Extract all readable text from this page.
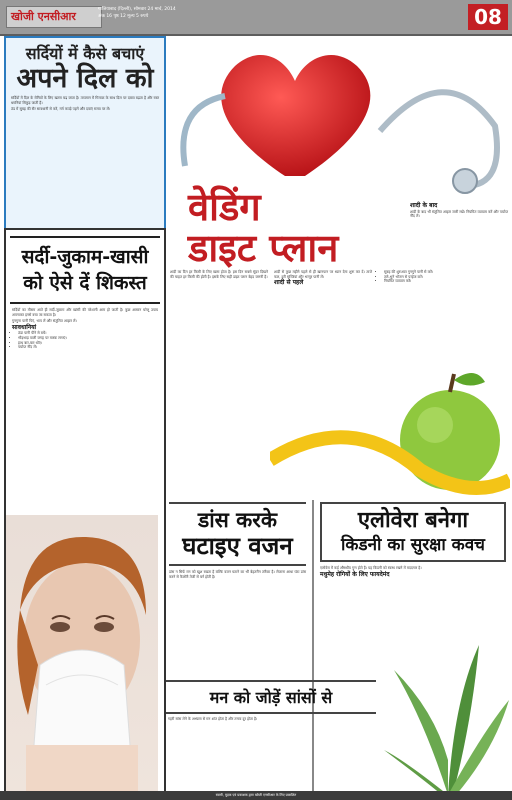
खोजी एनसीआर
गाजियाबाद (दिल्ली), सोमवार 24 मार्च, 2014
अंक 16 पृष्ठ 12 मूल्य 5 रुपये	08
सर्दियों में कैसे बचाएं
अपने दिल को

सर्दियों में दिल के रोगियों के लिए खतरा बढ़ जाता है। तापमान में गिरावट के साथ दिल पर दबाव बढ़ता है और रक्त धमनियां सिकुड़ जाती हैं।

ठंड में सुबह की सैर सावधानी से करें, गर्म कपड़े पहनें और दवाएं समय पर लें।

सर्दी-जुकाम-खासी को ऐसे दें शिकस्त

सर्दियों का मौसम आते ही सर्दी-जुकाम और खांसी की परेशानी आम हो जाती है। कुछ आसान घरेलू उपाय अपनाकर इनसे बचा जा सकता है।

गुनगुना पानी पिएं, भाप लें और संतुलित आहार लें।

सावधानियां
• ठंडा पानी पीने से बचें।
• भीड़भाड़ वाली जगह पर मास्क लगाएं।
• हाथ बार-बार धोएं।
• पर्याप्त नींद लें।
वेडिंग
डाइट प्लान

शादी का दिन हर किसी के लिए खास होता है। इस दिन सबसे सुंदर दिखने की चाहत हर किसी की होती है। इसके लिए सही डाइट प्लान बेहद जरूरी है।

शादी से कुछ महीने पहले से ही खानपान पर ध्यान देना शुरू कर दें। ताजे फल, हरी सब्जियां और भरपूर पानी लें।

शादी से पहले
• सुबह की शुरुआत गुनगुने पानी से करें।
• तले-भुने भोजन से परहेज करें।
• नियमित व्यायाम करें।
शादी के बाद

शादी के बाद भी संतुलित आहार जारी रखें। नियमित व्यायाम करें और पर्याप्त नींद लें।

डांस करके
घटाइए वजन

डांस न सिर्फ मन को खुश रखता है बल्कि वजन घटाने का भी बेहतरीन तरीका है। रोजाना आधा घंटा डांस करने से कैलोरी तेजी से बर्न होती है।

एलोवेरा बनेगा
किडनी का सुरक्षा कवच

एलोवेरा में कई औषधीय गुण होते हैं। यह किडनी को स्वस्थ रखने में मददगार है।

मधुमेह रोगियों के लिए फायदेमंद
मन को जोड़ें सांसों से

गहरी सांस लेने के अभ्यास से मन शांत होता है और तनाव दूर होता है।

स्वामी, मुद्रक एवं प्रकाशक द्वारा खोजी एनसीआर के लिए प्रकाशित
